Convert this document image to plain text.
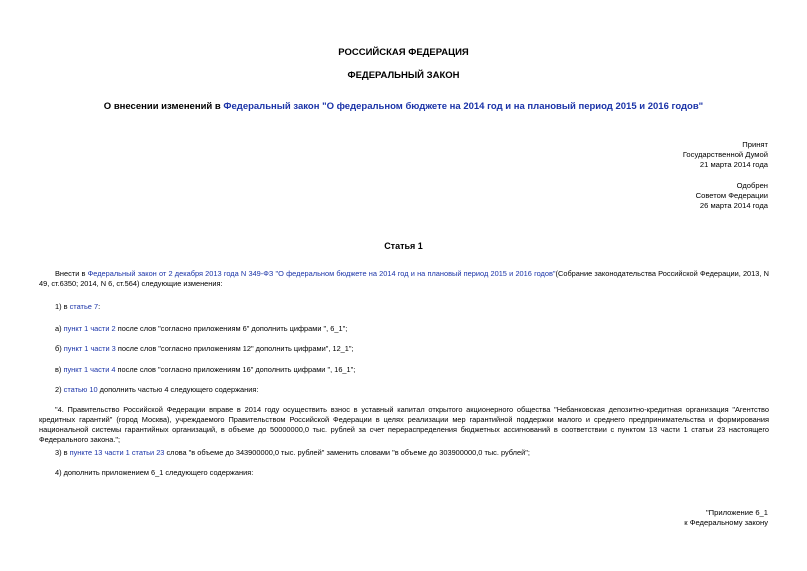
РОССИЙСКАЯ ФЕДЕРАЦИЯ
ФЕДЕРАЛЬНЫЙ ЗАКОН
О внесении изменений в Федеральный закон "О федеральном бюджете на 2014 год и на плановый период 2015 и 2016 годов"
Принят
Государственной Думой
21 марта 2014 года
Одобрен
Советом Федерации
26 марта 2014 года
Статья 1

Внести в Федеральный закон от 2 декабря 2013 года N 349-ФЗ "О федеральном бюджете на 2014 год и на плановый период 2015 и 2016 годов"(Собрание законодательства Российской Федерации, 2013, N 49, ст.6350; 2014, N 6, ст.564) следующие изменения:

1) в статье 7:

а) пункт 1 части 2 после слов "согласно приложениям 6" дополнить цифрами ", 6_1";

б) пункт 1 части 3 после слов "согласно приложениям 12" дополнить цифрами", 12_1";

в) пункт 1 части 4 после слов "согласно приложениям 16" дополнить цифрами ", 16_1";

2) статью 10 дополнить частью 4 следующего содержания:

"4. Правительство Российской Федерации вправе в 2014 году осуществить взнос в уставный капитал открытого акционерного общества "Небанковская депозитно-кредитная организация "Агентство кредитных гарантий" (город Москва), учреждаемого Правительством Российской Федерации в целях реализации мер гарантийной поддержки малого и среднего предпринимательства и формирования национальной системы гарантийных организаций, в объеме до 50000000,0 тыс. рублей за счет перераспределения бюджетных ассигнований в соответствии с пунктом 13 части 1 статьи 23 настоящего Федерального закона.";

3) в пункте 13 части 1 статьи 23 слова "в объеме до 343900000,0 тыс. рублей" заменить словами "в объеме до 303900000,0 тыс. рублей";

4) дополнить приложением 6_1 следующего содержания:

"Приложение 6_1
к Федеральному закону
